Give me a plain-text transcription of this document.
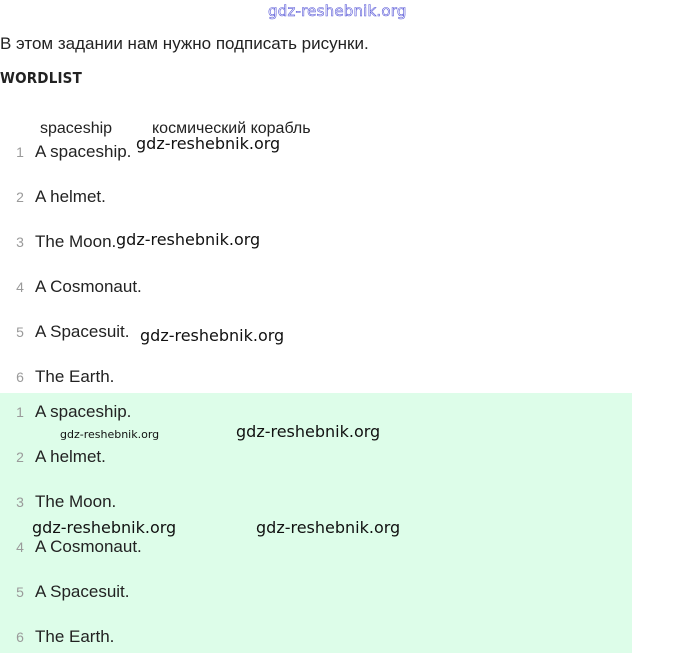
gdz-reshebnik.org
В этом задании нам нужно подписать рисунки.
WORDLIST
spaceship космический корабль
1 A spaceship.
2 A helmet.
3 The Moon.
4 A Cosmonaut.
5 A Spacesuit.
6 The Earth.
1 A spaceship.
2 A helmet.
3 The Moon.
4 A Cosmonaut.
5 A Spacesuit.
6 The Earth.
gdz-reshebnik.org
gdz-reshebnik.org
gdz-reshebnik.org
gdz-reshebnik.org	gdz-reshebnik.org
gdz-reshebnik.org	gdz-reshebnik.org
